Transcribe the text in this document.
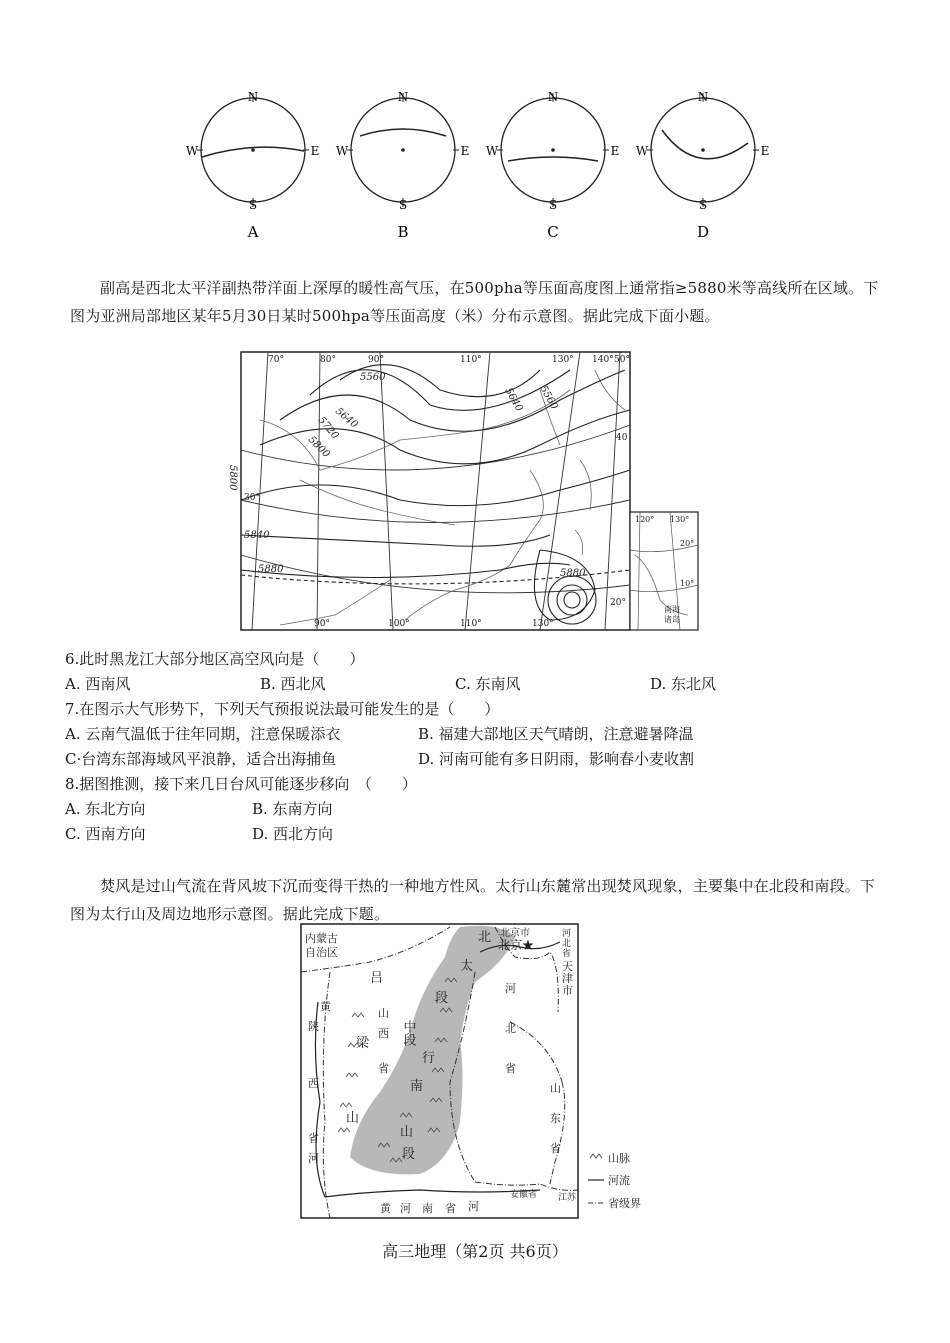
N
S
W	E
A
N
S
W	E
B
N
S
W	E
C
N
S
W	E
D
副高是西北太平洋副热带洋面上深厚的暖性高气压，在500pha等压面高度图上通常指≥5880米等高线所在区域。下图为亚洲局部地区某年5月30日某时500hpa等压面高度（米）分布示意图。据此完成下面小题。
70°	80°	90°	110°	130° 140° 50°
90°	100°	110°	130°
40
30°
20°
5560
5640
5720
5800
5640 5560
5800
5840
5880	5880
120° 130°
20°
10°
南海诸岛
6.此时黑龙江大部分地区高空风向是（　　）
A. 西南风	B. 西北风	C. 东南风	D. 东北风
7.在图示大气形势下，下列天气预报说法最可能发生的是（　　）
A. 云南气温低于往年同期，注意保暖添衣	B. 福建大部地区天气晴朗，注意避暑降温
C·台湾东部海域风平浪静，适合出海捕鱼	D. 河南可能有多日阴雨，影响春小麦收割
8.据图推测，接下来几日台风可能逐步移向　（　　）
A. 东北方向	B. 东南方向
C. 西南方向	D. 西北方向
焚风是过山气流在背风坡下沉而变得干热的一种地方性风。太行山东麓常出现焚风现象，主要集中在北段和南段。下图为太行山及周边地形示意图。据此完成下题。
内蒙古
自治区
北京市
北京★
河
北
省
天
津
市
北
太
段
中段
行
南
山
段
山
西
省
吕
梁
山
陕
西
省
黄
河
河
北
省
山
东
省
黄 河 南 省 河
安徽省 江苏
山脉
河流
省级界
高三地理（第2页 共6页）
